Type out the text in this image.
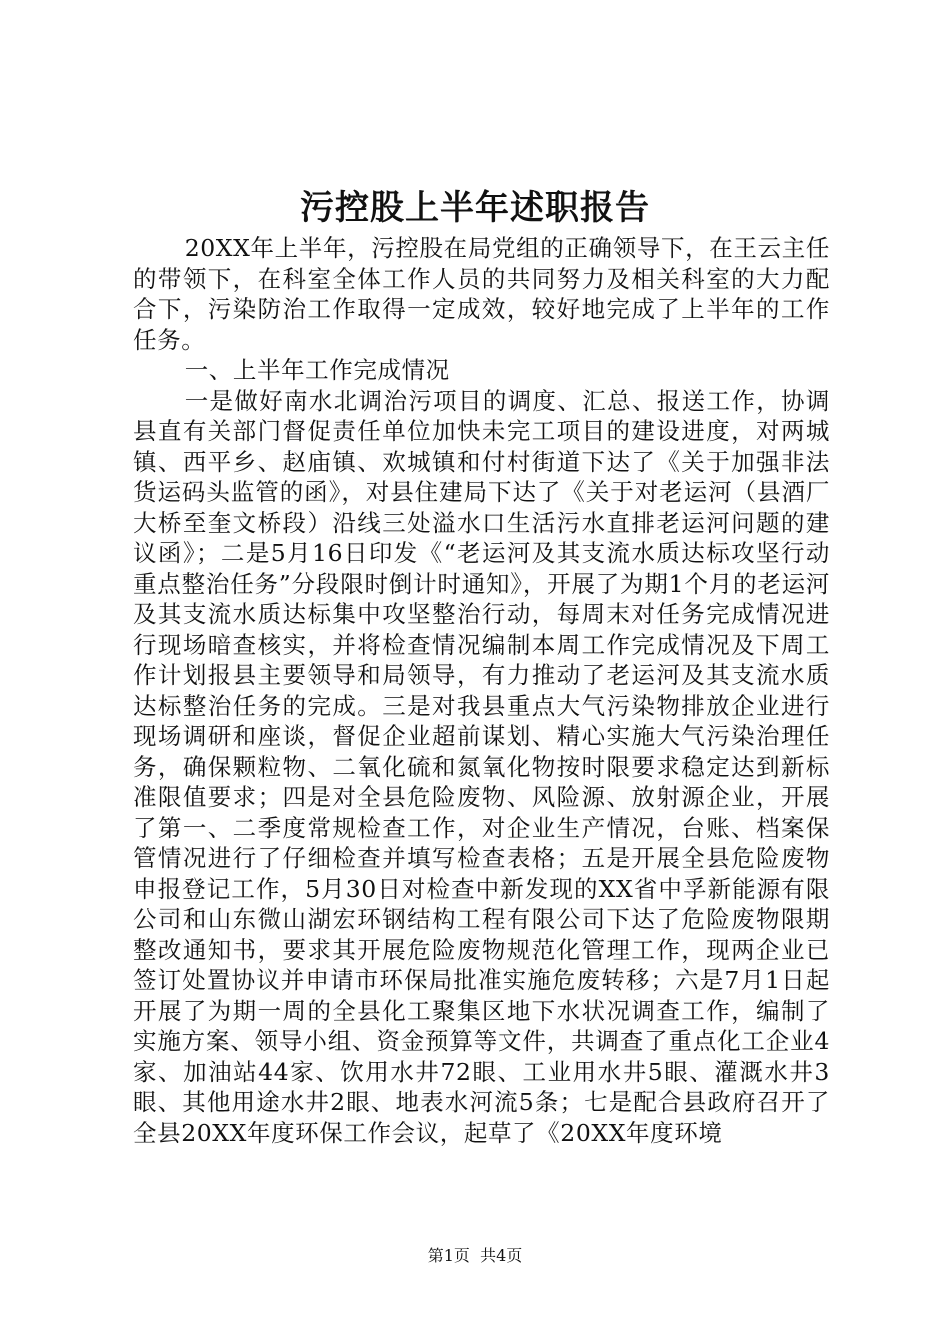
污控股上半年述职报告

20XX年上半年，污控股在局党组的正确领导下，在王云主任的带领下，在科室全体工作人员的共同努力及相关科室的大力配合下，污染防治工作取得一定成效，较好地完成了上半年的工作任务。

一、上半年工作完成情况

一是做好南水北调治污项目的调度、汇总、报送工作，协调县直有关部门督促责任单位加快未完工项目的建设进度，对两城镇、西平乡、赵庙镇、欢城镇和付村街道下达了《关于加强非法货运码头监管的函》，对县住建局下达了《关于对老运河（县酒厂大桥至奎文桥段）沿线三处溢水口生活污水直排老运河问题的建议函》；二是5月16日印发《“老运河及其支流水质达标攻坚行动重点整治任务”分段限时倒计时通知》，开展了为期1个月的老运河及其支流水质达标集中攻坚整治行动，每周末对任务完成情况进行现场暗查核实，并将检查情况编制本周工作完成情况及下周工作计划报县主要领导和局领导，有力推动了老运河及其支流水质达标整治任务的完成。三是对我县重点大气污染物排放企业进行现场调研和座谈，督促企业超前谋划、精心实施大气污染治理任务，确保颗粒物、二氧化硫和氮氧化物按时限要求稳定达到新标准限值要求；四是对全县危险废物、风险源、放射源企业，开展了第一、二季度常规检查工作，对企业生产情况，台账、档案保管情况进行了仔细检查并填写检查表格；五是开展全县危险废物申报登记工作，5月30日对检查中新发现的XX省中孚新能源有限公司和山东微山湖宏环钢结构工程有限公司下达了危险废物限期整改通知书，要求其开展危险废物规范化管理工作，现两企业已签订处置协议并申请市环保局批准实施危废转移；六是7月1日起开展了为期一周的全县化工聚集区地下水状况调查工作，编制了实施方案、领导小组、资金预算等文件，共调查了重点化工企业4家、加油站44家、饮用水井72眼、工业用水井5眼、灌溉水井3眼、其他用途水井2眼、地表水河流5条；七是配合县政府召开了全县20XX年度环保工作会议，起草了《20XX年度环境

第1页 共4页
